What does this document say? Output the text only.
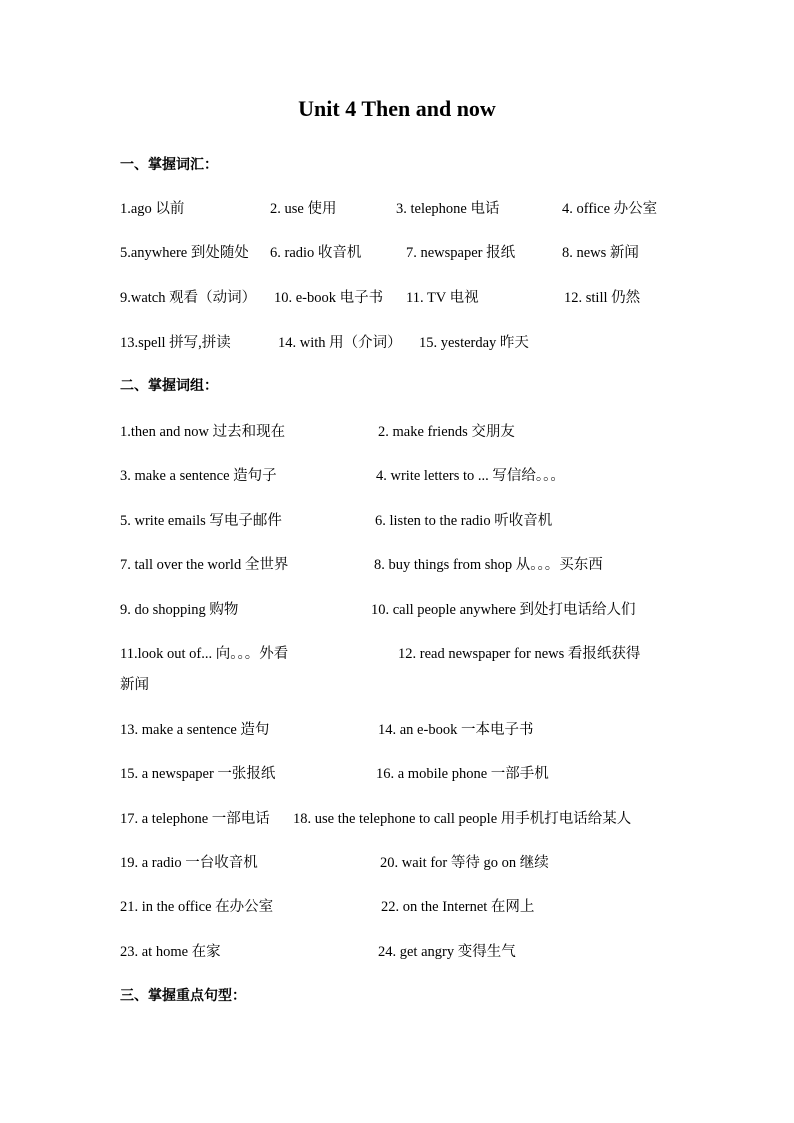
Unit 4 Then and now
一、掌握词汇：
1.ago 以前	2. use 使用	3. telephone 电话	4. office 办公室
5.anywhere 到处随处 6. radio 收音机	7. newspaper 报纸	8. news 新闻
9.watch 观看（动词） 10. e-book 电子书 11. TV 电视	12. still 仍然
13.spell 拼写,拼读	14. with 用（介词） 15. yesterday 昨天
二、掌握词组：
1.then and now 过去和现在	2. make friends 交朋友
3. make a sentence 造句子	4. write letters to ... 写信给。。。
5. write emails 写电子邮件	6. listen to the radio 听收音机
7. tall over the world 全世界	8. buy things from shop 从。。。买东西
9. do shopping 购物	10. call people anywhere 到处打电话给人们
11.look out of... 向。。。外看	12. read newspaper for news 看报纸获得
新闻
13. make a sentence 造句	14. an e-book 一本电子书
15. a newspaper 一张报纸	16. a mobile phone 一部手机
17. a telephone 一部电话 18. use the telephone to call people 用手机打电话给某人
19. a radio 一台收音机	20. wait for 等待 go on 继续
21. in the office 在办公室	22. on the Internet 在网上
23. at home 在家	24. get angry 变得生气
三、掌握重点句型：
